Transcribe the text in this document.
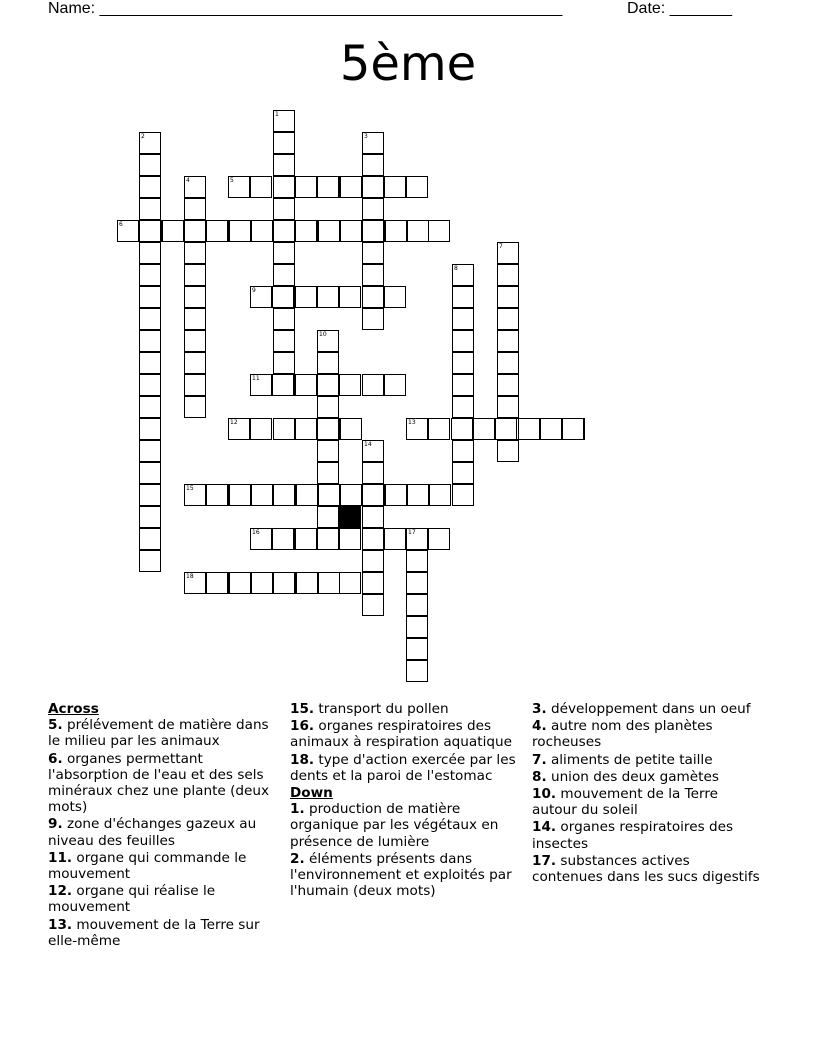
Name: ____________________________________________________	Date: _______
5ème
1
2	3
4	5
6
7
8
9
10
11
12	13
14
15
16	17
18
Across
5. prélévement de matière dans le milieu par les animaux
6. organes permettant l'absorption de l'eau et des sels minéraux chez une plante (deux mots)
9. zone d'échanges gazeux au niveau des feuilles
11. organe qui commande le mouvement
12. organe qui réalise le mouvement
13. mouvement de la Terre sur elle-même
15. transport du pollen
16. organes respiratoires des animaux à respiration aquatique
18. type d'action exercée par les dents et la paroi de l'estomac
Down
1. production de matière organique par les végétaux en présence de lumière
2. éléments présents dans l'environnement et exploités par l'humain (deux mots)
3. développement dans un oeuf
4. autre nom des planètes rocheuses
7. aliments de petite taille
8. union des deux gamètes
10. mouvement de la Terre autour du soleil
14. organes respiratoires des insectes
17. substances actives contenues dans les sucs digestifs
